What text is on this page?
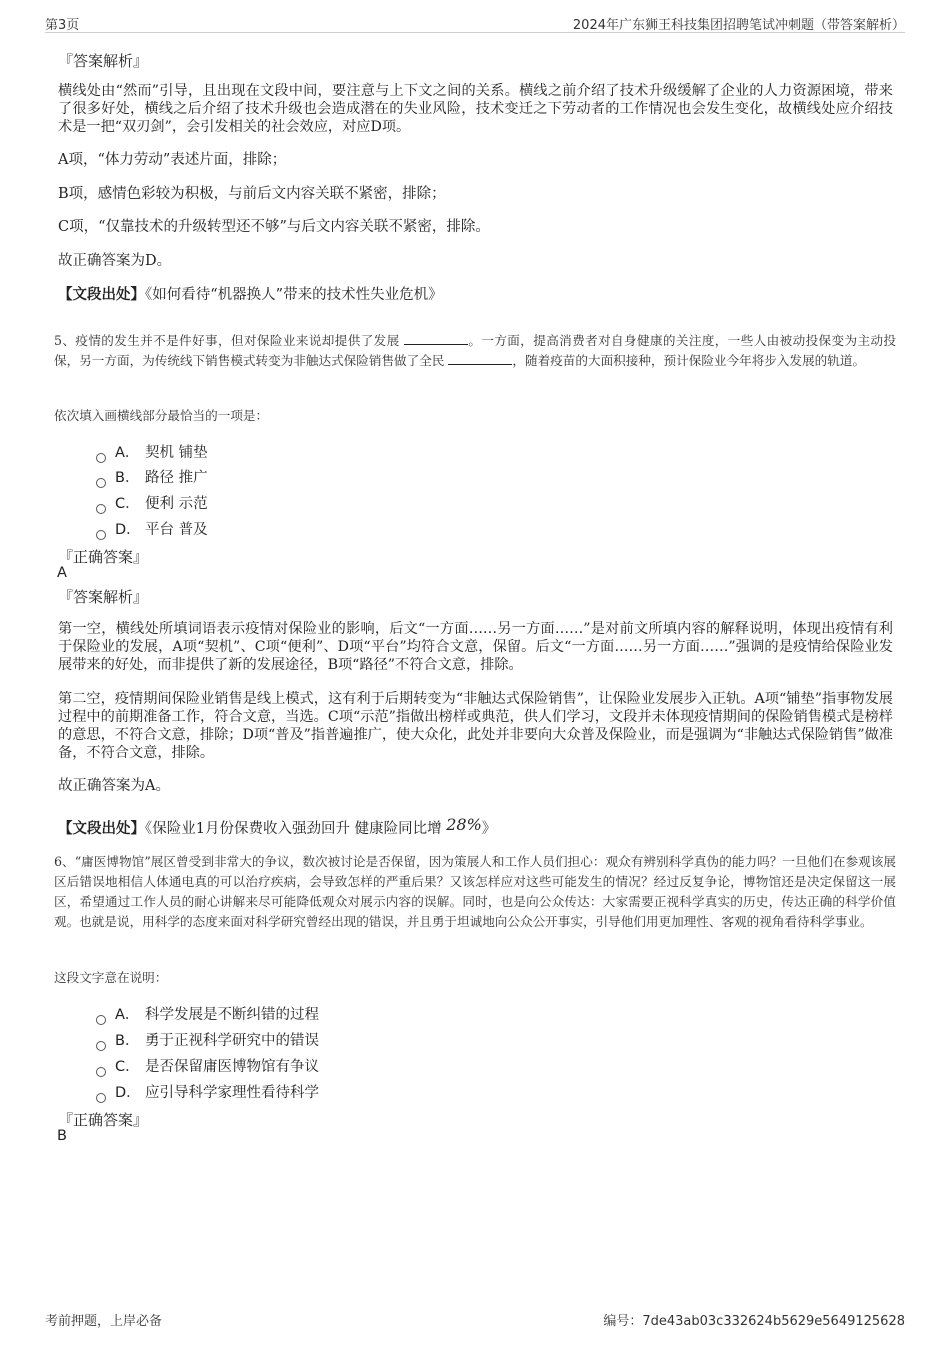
第3页	2024年广东狮王科技集团招聘笔试冲刺题（带答案解析）
『答案解析』
横线处由“然而”引导，且出现在文段中间，要注意与上下文之间的关系。横线之前介绍了技术升级缓解了企业的人力资源困境，带来了很多好处，横线之后介绍了技术升级也会造成潜在的失业风险，技术变迁之下劳动者的工作情况也会发生变化，故横线处应介绍技术是一把“双刃剑”，会引发相关的社会效应，对应D项。
A项，“体力劳动”表述片面，排除；
B项，感情色彩较为积极，与前后文内容关联不紧密，排除；
C项，“仅靠技术的升级转型还不够”与后文内容关联不紧密，排除。
故正确答案为D。
【文段出处】《如何看待“机器换人”带来的技术性失业危机》
5、疫情的发生并不是件好事，但对保险业来说却提供了发展	。一方面，提高消费者对自身健康的关注度，一些人由被动投保变为主动投保，另一方面，为传统线下销售模式转变为非触达式保险销售做了全民	，随着疫苗的大面积接种，预计保险业今年将步入发展的轨道。
依次填入画横线部分最恰当的一项是：
A． 契机 铺垫
B． 路径 推广
C． 便利 示范
D． 平台 普及
『正确答案』
A
『答案解析』
第一空，横线处所填词语表示疫情对保险业的影响，后文“一方面……另一方面……”是对前文所填内容的解释说明，体现出疫情有利于保险业的发展，A项“契机”、C项“便利”、D项“平台”均符合文意，保留。后文“一方面……另一方面……”强调的是疫情给保险业发展带来的好处，而非提供了新的发展途径，B项“路径”不符合文意，排除。
第二空，疫情期间保险业销售是线上模式，这有利于后期转变为“非触达式保险销售”，让保险业发展步入正轨。A项“铺垫”指事物发展过程中的前期准备工作，符合文意，当选。C项“示范”指做出榜样或典范，供人们学习，文段并未体现疫情期间的保险销售模式是榜样的意思，不符合文意，排除；D项“普及”指普遍推广，使大众化，此处并非要向大众普及保险业，而是强调为“非触达式保险销售”做准备，不符合文意，排除。
故正确答案为A。
【文段出处】《保险业1月份保费收入强劲回升 健康险同比增 28%》
6、“庸医博物馆”展区曾受到非常大的争议，数次被讨论是否保留，因为策展人和工作人员们担心：观众有辨别科学真伪的能力吗？一旦他们在参观该展区后错误地相信人体通电真的可以治疗疾病，会导致怎样的严重后果？又该怎样应对这些可能发生的情况？经过反复争论，博物馆还是决定保留这一展区，希望通过工作人员的耐心讲解来尽可能降低观众对展示内容的误解。同时，也是向公众传达：大家需要正视科学真实的历史，传达正确的科学价值观。也就是说，用科学的态度来面对科学研究曾经出现的错误，并且勇于坦诚地向公众公开事实，引导他们用更加理性、客观的视角看待科学事业。
这段文字意在说明：
A． 科学发展是不断纠错的过程
B． 勇于正视科学研究中的错误
C． 是否保留庸医博物馆有争议
D． 应引导科学家理性看待科学
『正确答案』
B
考前押题，上岸必备	编号：7de43ab03c332624b5629e5649125628
